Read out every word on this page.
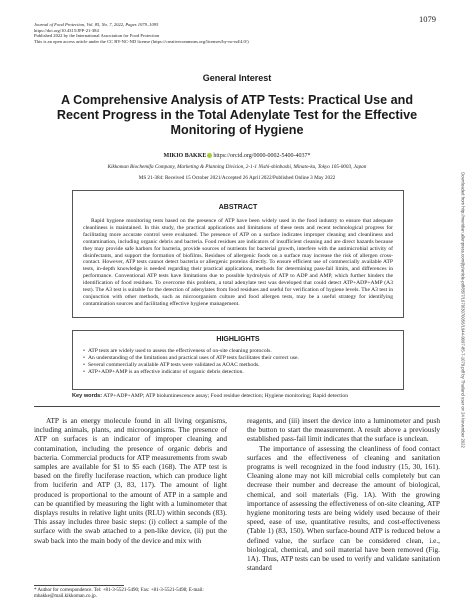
Journal of Food Protection, Vol. 85, No. 7, 2022, Pages 1079–1095
https://doi.org/10.4315/JFP-21-384
Published 2022 by the International Association for Food Protection
This is an open access article under the CC BY-NC-ND license (https://creativecommons.org/licenses/by-nc-nd/4.0/)
1079
Downloaded from http://meridian.allenpress.com/jfp/article-pdf/85/7/1079/3070056/1944-9097-85-7-1079.pdf by Thailand user on 24 November 2022
General Interest
A Comprehensive Analysis of ATP Tests: Practical Use and Recent Progress in the Total Adenylate Test for the Effective Monitoring of Hygiene
MIKIO BAKKE https://orcid.org/0000-0002-5400-4037*
Kikkoman Biochemifa Company, Marketing & Planning Division, 2-1-1 Nishi-shinbashi, Minato-ku, Tokyo 105-0003, Japan
MS 21-384: Received 15 October 2021/Accepted 26 April 2022/Published Online 3 May 2022
ABSTRACT
Rapid hygiene monitoring tests based on the presence of ATP have been widely used in the food industry to ensure that adequate cleanliness is maintained. In this study, the practical applications and limitations of these tests and recent technological progress for facilitating more accurate control were evaluated. The presence of ATP on a surface indicates improper cleaning and cleanliness and contamination, including organic debris and bacteria. Food residues are indicators of insufficient cleaning and are direct hazards because they may provide safe harbors for bacteria, provide sources of nutrients for bacterial growth, interfere with the antimicrobial activity of disinfectants, and support the formation of biofilms. Residues of allergenic foods on a surface may increase the risk of allergen cross-contact. However, ATP tests cannot detect bacteria or allergenic proteins directly. To ensure efficient use of commercially available ATP tests, in-depth knowledge is needed regarding their practical applications, methods for determining pass-fail limits, and differences in performance. Conventional ATP tests have limitations due to possible hydrolysis of ATP to ADP and AMP, which further hinders the identification of food residues. To overcome this problem, a total adenylate test was developed that could detect ATP+ADP+AMP (A3 test). The A3 test is suitable for the detection of adenylates from food residues and useful for verification of hygiene levels. The A3 test in conjunction with other methods, such as microorganism culture and food allergen tests, may be a useful strategy for identifying contamination sources and facilitating effective hygiene management.
HIGHLIGHTS
• ATP tests are widely used to assess the effectiveness of on-site cleaning protocols.
• An understanding of the limitations and practical uses of ATP tests facilitates their correct use.
• Several commercially available ATP tests were validated as AOAC methods.
• ATP+ADP+AMP is an effective indicator of organic debris detection.
Key words: ATP+ADP+AMP; ATP bioluminescence assay; Food residue detection; Hygiene monitoring; Rapid detection

ATP is an energy molecule found in all living organisms, including animals, plants, and microorganisms. The presence of ATP on surfaces is an indicator of improper cleaning and contamination, including the presence of organic debris and bacteria. Commercial products for ATP measurements from swab samples are available for $1 to $5 each (168). The ATP test is based on the firefly luciferase reaction, which can produce light from luciferin and ATP (3, 83, 117). The amount of light produced is proportional to the amount of ATP in a sample and can be quantified by measuring the light with a luminometer that displays results in relative light units (RLU) within seconds (83). This assay includes three basic steps: (i) collect a sample of the surface with the swab attached to a pen-like device, (ii) put the swab back into the main body of the device and mix with

reagents, and (iii) insert the device into a luminometer and push the button to start the measurement. A result above a previously established pass-fail limit indicates that the surface is unclean.

The importance of assessing the cleanliness of food contact surfaces and the effectiveness of cleaning and sanitation programs is well recognized in the food industry (15, 30, 161). Cleaning alone may not kill microbial cells completely but can decrease their number and decrease the amount of biological, chemical, and soil materials (Fig. 1A). With the growing importance of assessing the effectiveness of on-site cleaning, ATP hygiene monitoring tests are being widely used because of their speed, ease of use, quantitative results, and cost-effectiveness (Table 1) (83, 150). When surface-bound ATP is reduced below a defined value, the surface can be considered clean, i.e., biological, chemical, and soil material have been removed (Fig. 1A). Thus, ATP tests can be used to verify and validate sanitation standard

* Author for correspondence. Tel: +81-3-5521-5490; Fax: +81-3-5521-5498; E-mail: mbakke@mail.kikkoman.co.jp.
